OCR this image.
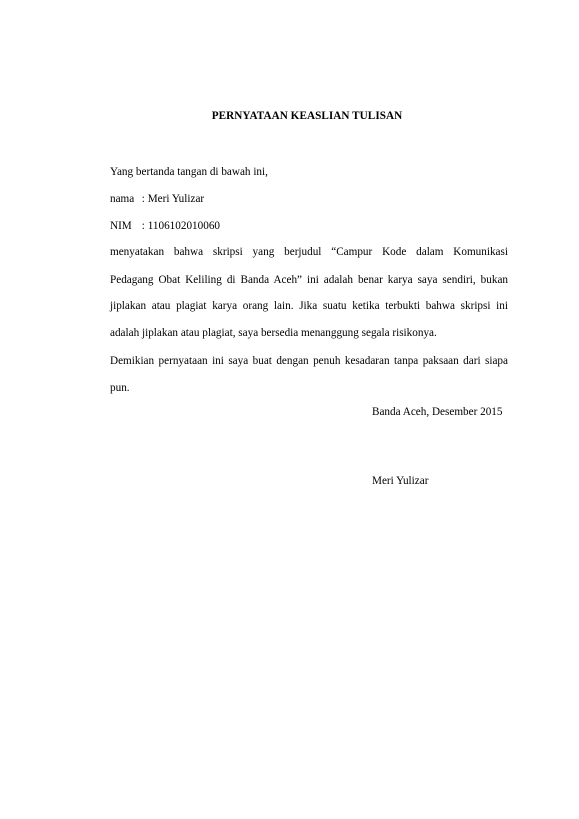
PERNYATAAN KEASLIAN TULISAN
Yang bertanda tangan di bawah ini,
nama : Meri Yulizar
NIM : 1106102010060
menyatakan bahwa skripsi yang berjudul “Campur Kode dalam Komunikasi
Pedagang Obat Keliling di Banda Aceh” ini adalah benar karya saya sendiri, bukan
jiplakan atau plagiat karya orang lain. Jika suatu ketika terbukti bahwa skripsi ini
adalah jiplakan atau plagiat, saya bersedia menanggung segala risikonya.
Demikian pernyataan ini saya buat dengan penuh kesadaran tanpa paksaan dari siapa
pun.
Banda Aceh, Desember 2015
Meri Yulizar
